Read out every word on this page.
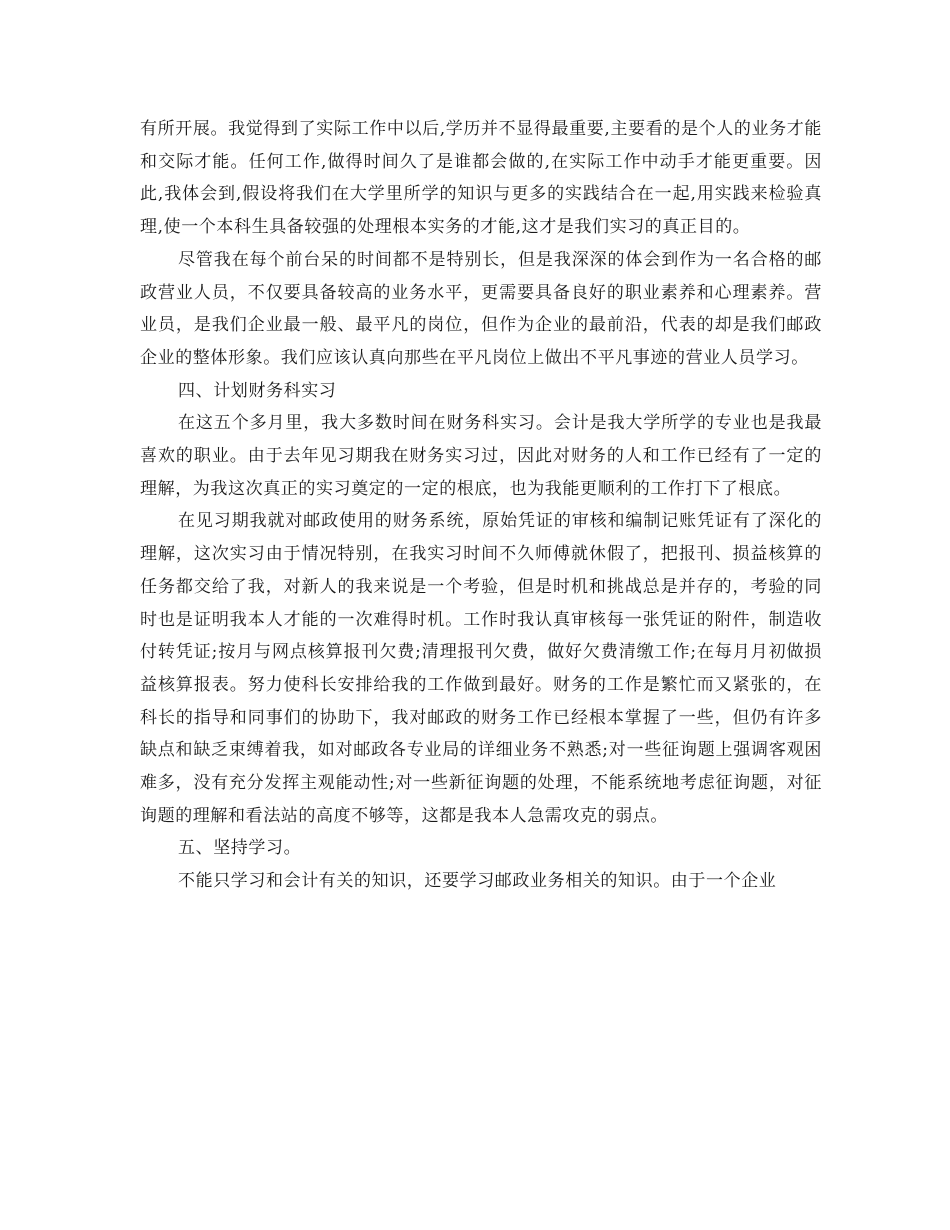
有所开展。我觉得到了实际工作中以后,学历并不显得最重要,主要看的是个人的业务才能和交际才能。任何工作,做得时间久了是谁都会做的,在实际工作中动手才能更重要。因此,我体会到,假设将我们在大学里所学的知识与更多的实践结合在一起,用实践来检验真理,使一个本科生具备较强的处理根本实务的才能,这才是我们实习的真正目的。

尽管我在每个前台呆的时间都不是特别长，但是我深深的体会到作为一名合格的邮政营业人员，不仅要具备较高的业务水平，更需要具备良好的职业素养和心理素养。营业员，是我们企业最一般、最平凡的岗位，但作为企业的最前沿，代表的却是我们邮政企业的整体形象。我们应该认真向那些在平凡岗位上做出不平凡事迹的营业人员学习。

四、计划财务科实习

在这五个多月里，我大多数时间在财务科实习。会计是我大学所学的专业也是我最喜欢的职业。由于去年见习期我在财务实习过，因此对财务的人和工作已经有了一定的理解，为我这次真正的实习奠定的一定的根底，也为我能更顺利的工作打下了根底。

在见习期我就对邮政使用的财务系统，原始凭证的审核和编制记账凭证有了深化的理解，这次实习由于情况特别，在我实习时间不久师傅就休假了，把报刊、损益核算的任务都交给了我，对新人的我来说是一个考验，但是时机和挑战总是并存的，考验的同时也是证明我本人才能的一次难得时机。工作时我认真审核每一张凭证的附件，制造收付转凭证;按月与网点核算报刊欠费;清理报刊欠费，做好欠费清缴工作;在每月月初做损益核算报表。努力使科长安排给我的工作做到最好。财务的工作是繁忙而又紧张的，在科长的指导和同事们的协助下，我对邮政的财务工作已经根本掌握了一些，但仍有许多缺点和缺乏束缚着我，如对邮政各专业局的详细业务不熟悉;对一些征询题上强调客观困难多，没有充分发挥主观能动性;对一些新征询题的处理，不能系统地考虑征询题，对征询题的理解和看法站的高度不够等，这都是我本人急需攻克的弱点。

五、坚持学习。

不能只学习和会计有关的知识，还要学习邮政业务相关的知识。由于一个企业
